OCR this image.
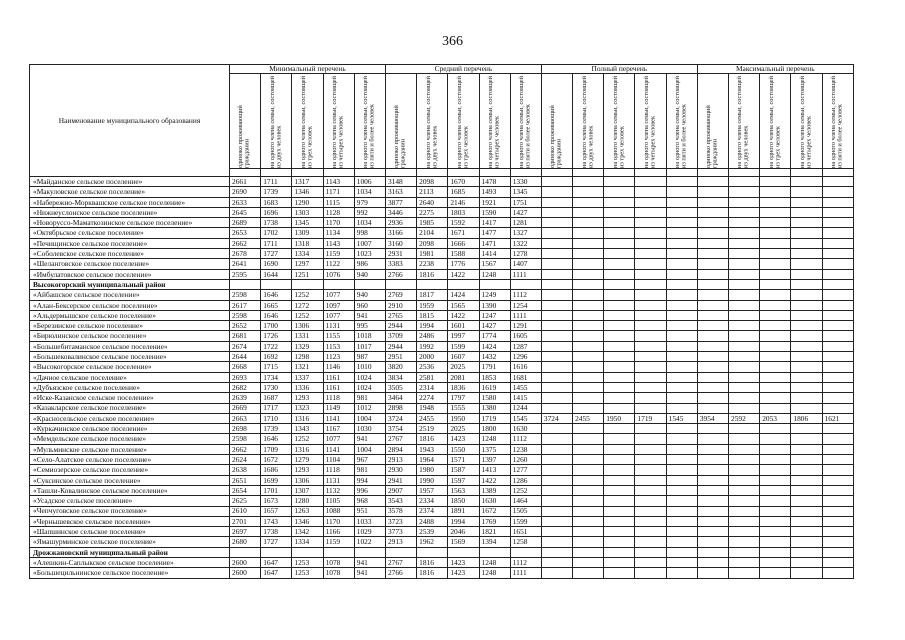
366
Наименование муниципального образования	Минимальный перечень					Средний перечень					Полный перечень					Максимальный перечень				

	одиноко проживающий гражданин	на одного члена семьи, состоящей из двух человек	на одного члена семьи, состоящей из трех человек	на одного члена семьи, состоящей из четырех человек	на одного члена семьи, состоящей из пяти и более человек	одиноко проживающий гражданин	на одного члена семьи, состоящей из двух человек	на одного члена семьи, состоящей из трех человек	на одного члена семьи, состоящей из четырех человек	на одного члена семьи, состоящей из пяти и более человек	одиноко проживающий гражданин	на одного члена семьи, состоящей из двух человек	на одного члена семьи, состоящей из трех человек	на одного члена семьи, состоящей из четырех человек	на одного члена семьи, состоящей из пяти и более человек	одиноко проживающий гражданин	на одного члена семьи, состоящей из двух человек	на одного члена семьи, состоящей из трех человек	на одного члена семьи, состоящей из четырех человек	на одного члена семьи, состоящей из пяти и более человек

«Майданское сельское поселение»	2661	1711	1317	1143	1006	3148	2098	1670	1478	1330										
«Макуловское сельское поселение»	2690	1739	1346	1171	1034	3163	2113	1685	1493	1345										
«Набережно-Морквашское сельское поселение»	2633	1683	1290	1115	979	3877	2640	2146	1921	1751										
«Нижнеуслонское сельское поселение»	2645	1696	1303	1128	992	3446	2275	1803	1590	1427										
«Новоруссо-Маматкозинское сельское поселение»	2689	1738	1345	1170	1034	2936	1985	1592	1417	1281										
«Октябрьское сельское поселение»	2653	1702	1309	1134	998	3166	2104	1671	1477	1327										
«Печищинское сельское поселение»	2662	1711	1318	1143	1007	3160	2098	1666	1471	1322										
«Соболевское сельское поселение»	2678	1727	1334	1159	1023	2931	1981	1588	1414	1278										
«Шеланговское сельское поселение»	2641	1690	1297	1122	986	3383	2238	1776	1567	1407										
«Имбулатовское сельское поселение»	2595	1644	1251	1076	940	2766	1816	1422	1248	1111										
Высокогорский муниципальный район																				
«Айбашское сельское поселение»	2598	1646	1252	1077	940	2769	1817	1424	1249	1112										
«Алан-Бексерское сельское поселение»	2617	1665	1272	1097	960	2910	1959	1565	1390	1254										
«Альдермышское сельское поселение»	2598	1646	1252	1077	941	2765	1815	1422	1247	1111										
«Березинское сельское поселение»	2652	1700	1306	1131	995	2944	1994	1601	1427	1291										
«Бирюлинское сельское поселение»	2681	1726	1331	1155	1018	3709	2486	1997	1774	1605										
«Большебитаманское сельское поселение»	2674	1722	1329	1153	1017	2944	1992	1599	1424	1287										
«Большековалинское сельское поселение»	2644	1692	1298	1123	987	2951	2000	1607	1432	1296										
«Высокогорское сельское поселение»	2668	1715	1321	1146	1010	3820	2536	2025	1791	1616										
«Дачное сельское поселение»	2693	1734	1337	1161	1024	3834	2581	2081	1853	1681										
«Дубъязское сельское поселение»	2682	1730	1336	1161	1024	3505	2314	1836	1619	1455										
«Иске-Казанское сельское поселение»	2639	1687	1293	1118	981	3464	2274	1797	1580	1415										
«Казакларское сельское поселение»	2669	1717	1323	1149	1012	2898	1948	1555	1380	1244										
«Красносельское сельское поселение»	2663	1710	1316	1141	1004	3724	2455	1950	1719	1545	3724	2455	1950	1719	1545	3954	2592	2053	1806	1621
«Куркачинское сельское поселение»	2698	1739	1343	1167	1030	3754	2519	2025	1800	1630										
«Мемдельское сельское поселение»	2598	1646	1252	1077	941	2767	1816	1423	1248	1112										
«Мульминское сельское поселение»	2662	1709	1316	1141	1004	2894	1943	1550	1375	1238										
«Село-Алатское сельское поселение»	2624	1672	1279	1104	967	2913	1964	1571	1397	1260										
«Семиозерское сельское поселение»	2638	1686	1293	1118	981	2930	1980	1587	1413	1277										
«Суксинское сельское поселение»	2651	1699	1306	1131	994	2941	1990	1597	1422	1286										
«Ташли-Ковалинское сельское поселение»	2654	1701	1307	1132	996	2907	1957	1563	1389	1252										
«Усадское сельское поселение»	2625	1673	1280	1105	968	3543	2334	1850	1630	1464										
«Чепчуговское сельское поселение»	2610	1657	1263	1088	951	3578	2374	1891	1672	1505										
«Чернышевское сельское поселение»	2701	1743	1346	1170	1033	3723	2488	1994	1769	1599										
«Шапшинское сельское поселение»	2697	1738	1342	1166	1029	3773	2539	2046	1821	1651										
«Ямашурминское сельское поселение»	2680	1727	1334	1159	1022	2913	1962	1569	1394	1258										
Дрожжановский муниципальный район																				
«Алешкин-Саплыкское сельское поселение»	2600	1647	1253	1078	941	2767	1816	1423	1248	1112										
«Большецильнинское сельское поселение»	2600	1647	1253	1078	941	2766	1816	1423	1248	1111										
